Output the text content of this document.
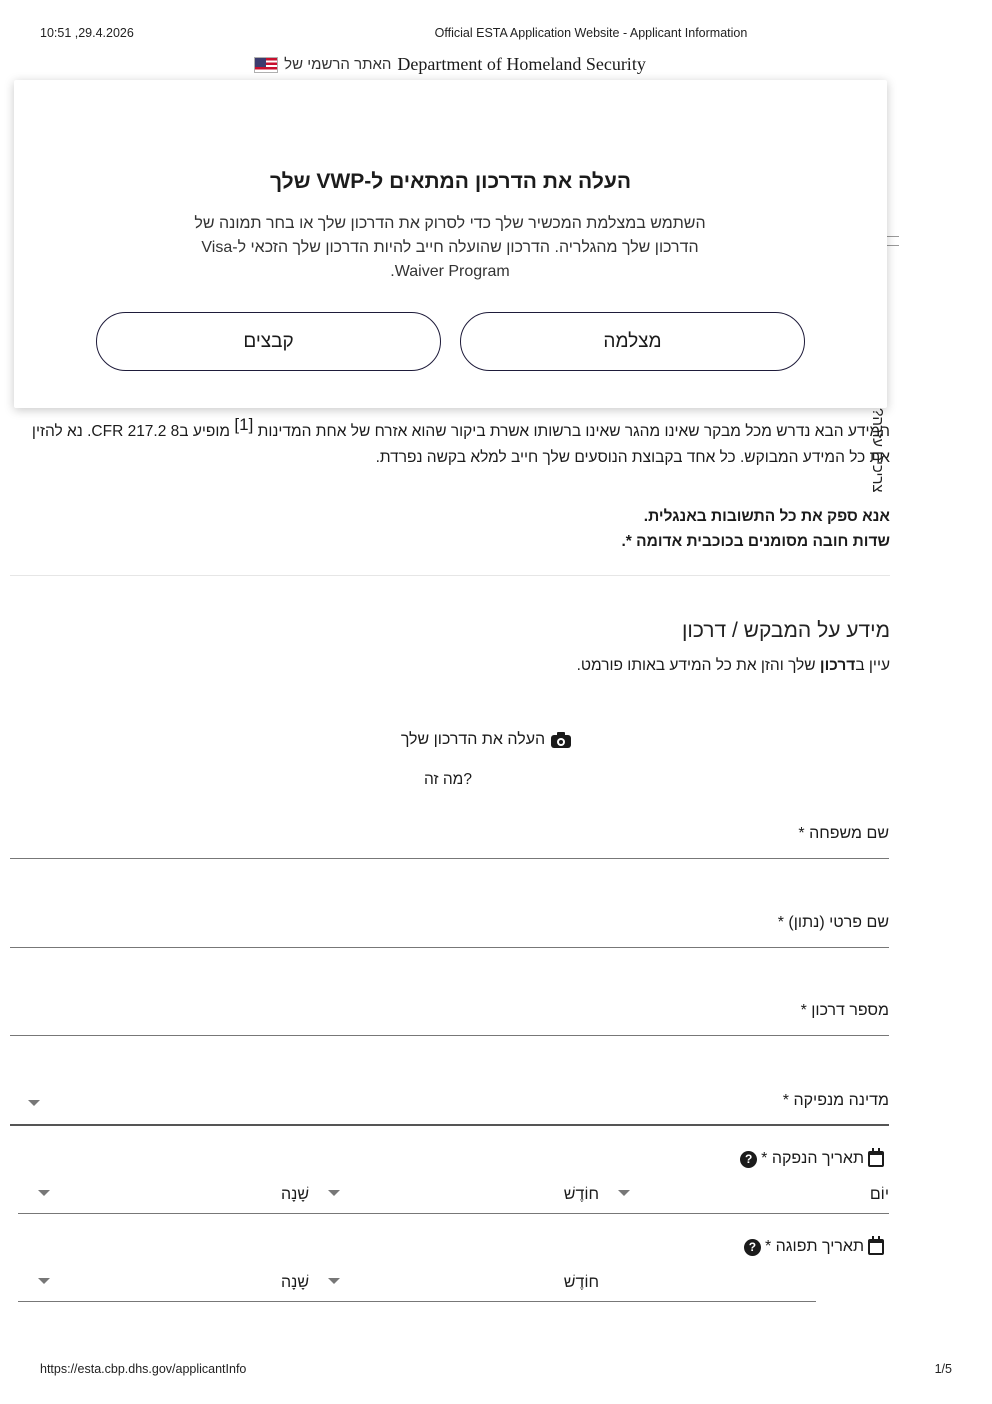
10:51 ,29.4.2026	Official ESTA Application Website - Applicant Information
Department of Homeland Security
האתר הרשמי של
?צריכים עזרה
המידע הבא נדרש מכל מבקר שאינו מהגר שאינו ברשותו אשרת ביקור שהוא אזרח של אחת המדינות [1] מופיע ב8 CFR 217.2. נא להזין את כל המידע המבוקש. כל אחד בקבוצת הנוסעים שלך חייב למלא בקשה נפרדת.
אנא ספק את כל התשובות באנגלית.
שדות חובה מסומנים בכוכבית אדומה *.
מידע על המבקש / דרכון
עיין בדרכון שלך והזן את כל המידע באותו פורמט.
העלה את הדרכון שלך
מה זה?
שם משפחה *
שם פרטי (נתון) *
מספר דרכון *
מדינה מנפיקה *
תאריך הנפקה *
?
יוֹם
חוֹדֶשׁ
שָׁנָה
תאריך תפוגה *
?
חוֹדֶשׁ
שָׁנָה
העלה את הדרכון המתאים ל-VWP שלך

השתמש במצלמת המכשיר שלך כדי לסרוק את הדרכון שלך או בחר תמונה של הדרכון שלך מהגלריה. הדרכון שהועלה חייב להיות הדרכון שלך הזכאי ל-Visa Waiver Program.

מצלמה
קבצים
https://esta.cbp.dhs.gov/applicantInfo	1/5
